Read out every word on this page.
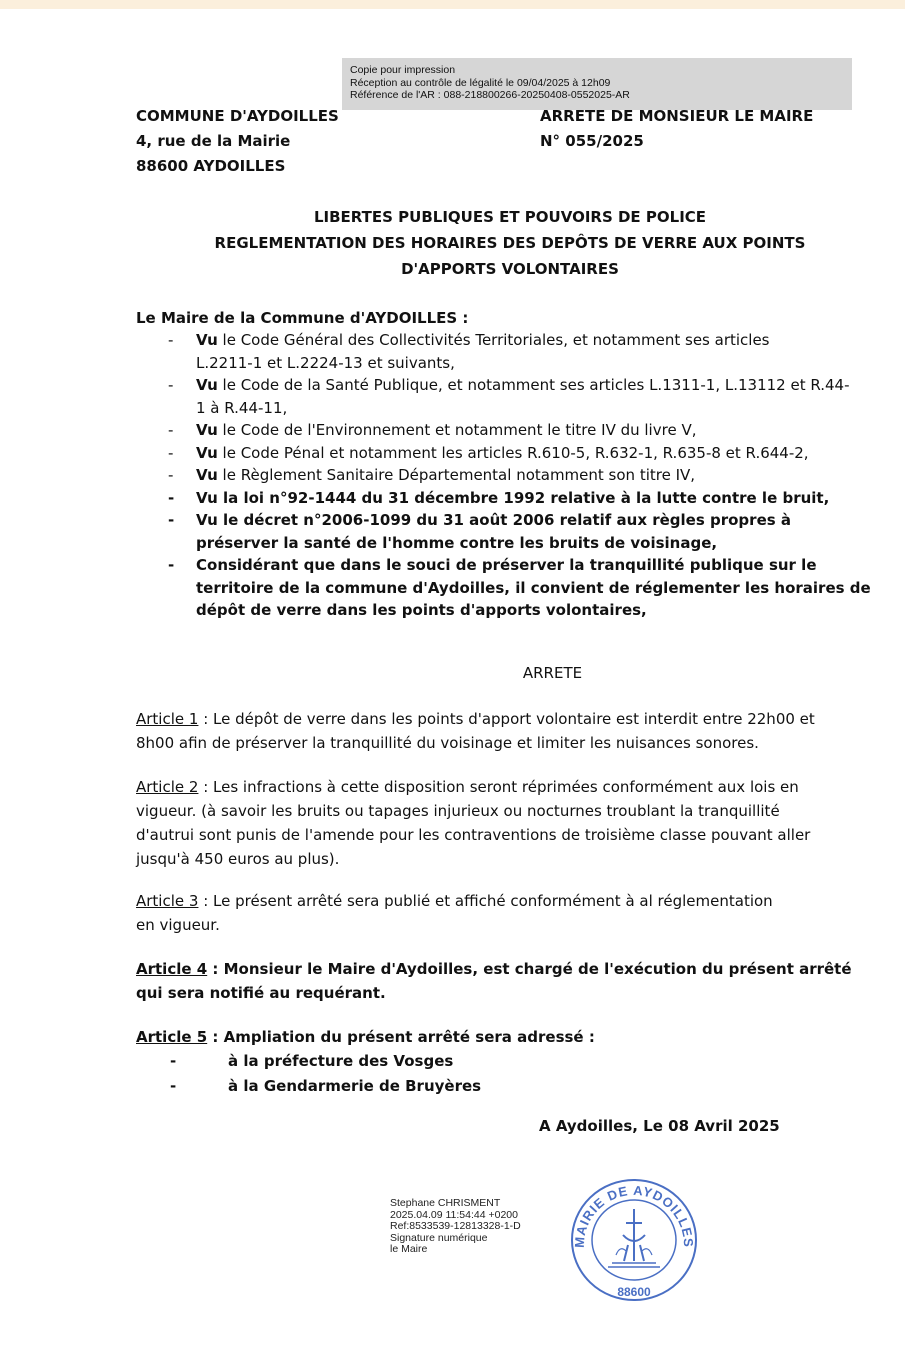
Copie pour impression
Réception au contrôle de légalité le 09/04/2025 à 12h09
Référence de l'AR : 088-218800266-20250408-0552025-AR
COMMUNE D'AYDOILLES
4, rue de la Mairie
88600 AYDOILLES
ARRETE DE MONSIEUR LE MAIRE
N° 055/2025
LIBERTES PUBLIQUES ET POUVOIRS DE POLICE
REGLEMENTATION DES HORAIRES DES DEPÔTS DE VERRE AUX POINTS
D'APPORTS VOLONTAIRES
Le Maire de la Commune d'AYDOILLES :
- Vu le Code Général des Collectivités Territoriales, et notamment ses articles
L.2211-1 et L.2224-13 et suivants,
- Vu le Code de la Santé Publique, et notamment ses articles L.1311-1, L.13112 et R.44-
1 à R.44-11,
- Vu le Code de l'Environnement et notamment le titre IV du livre V,
- Vu le Code Pénal et notamment les articles R.610-5, R.632-1, R.635-8 et R.644-2,
- Vu le Règlement Sanitaire Départemental notamment son titre IV,
- Vu la loi n°92-1444 du 31 décembre 1992 relative à la lutte contre le bruit,
- Vu le décret n°2006-1099 du 31 août 2006 relatif aux règles propres à
préserver la santé de l'homme contre les bruits de voisinage,
- Considérant que dans le souci de préserver la tranquillité publique sur le
territoire de la commune d'Aydoilles, il convient de réglementer les horaires de
dépôt de verre dans les points d'apports volontaires,
ARRETE
Article 1 : Le dépôt de verre dans les points d'apport volontaire est interdit entre 22h00 et
8h00 afin de préserver la tranquillité du voisinage et limiter les nuisances sonores.
Article 2 : Les infractions à cette disposition seront réprimées conformément aux lois en
vigueur. (à savoir les bruits ou tapages injurieux ou nocturnes troublant la tranquillité
d'autrui sont punis de l'amende pour les contraventions de troisième classe pouvant aller
jusqu'à 450 euros au plus).
Article 3 : Le présent arrêté sera publié et affiché conformément à al réglementation
en vigueur.
Article 4 : Monsieur le Maire d'Aydoilles, est chargé de l'exécution du présent arrêté
qui sera notifié au requérant.
Article 5 : Ampliation du présent arrêté sera adressé :
-	à la préfecture des Vosges
-	à la Gendarmerie de Bruyères
A Aydoilles, Le 08 Avril 2025
Stephane CHRISMENT
2025.04.09 11:54:44 +0200
Ref:8533539-12813328-1-D
Signature numérique
le Maire
MAIRIE DE AYDOILLES
88600
